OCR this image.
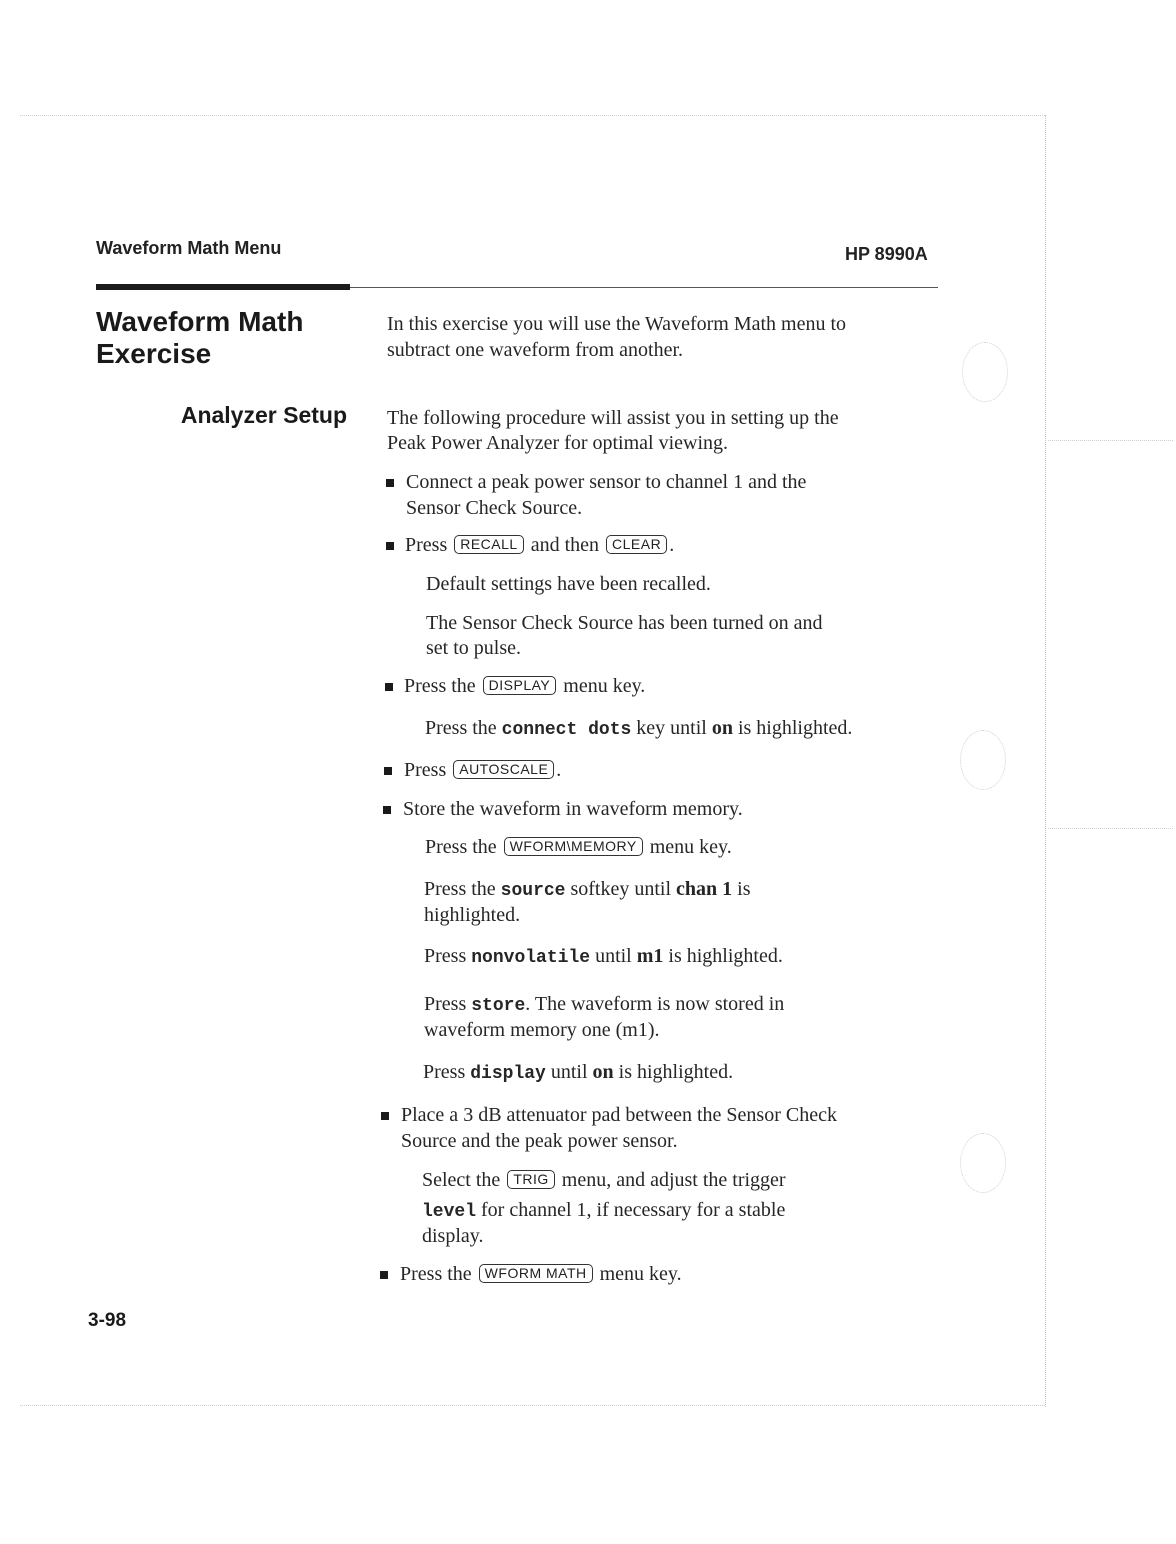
Waveform Math Menu	HP 8990A
Waveform Math
Exercise
Analyzer Setup
3-98
In this exercise you will use the Waveform Math menu to
subtract one waveform from another.
The following procedure will assist you in setting up the
Peak Power Analyzer for optimal viewing.
Connect a peak power sensor to channel 1 and the
Sensor Check Source.
Press RECALL and then CLEAR .
Default settings have been recalled.
The Sensor Check Source has been turned on and
set to pulse.
Press the DISPLAY menu key.
Press the connect dots key until on is highlighted.
Press AUTOSCALE .
Store the waveform in waveform memory.
Press the WFORM\MEMORY menu key.
Press the source softkey until chan 1 is
highlighted.
Press nonvolatile until m1 is highlighted.
Press store. The waveform is now stored in
waveform memory one (m1).
Press display until on is highlighted.
Place a 3 dB attenuator pad between the Sensor Check
Source and the peak power sensor.
Select the TRIG menu, and adjust the trigger
level for channel 1, if necessary for a stable
display.
Press the WFORM MATH menu key.
